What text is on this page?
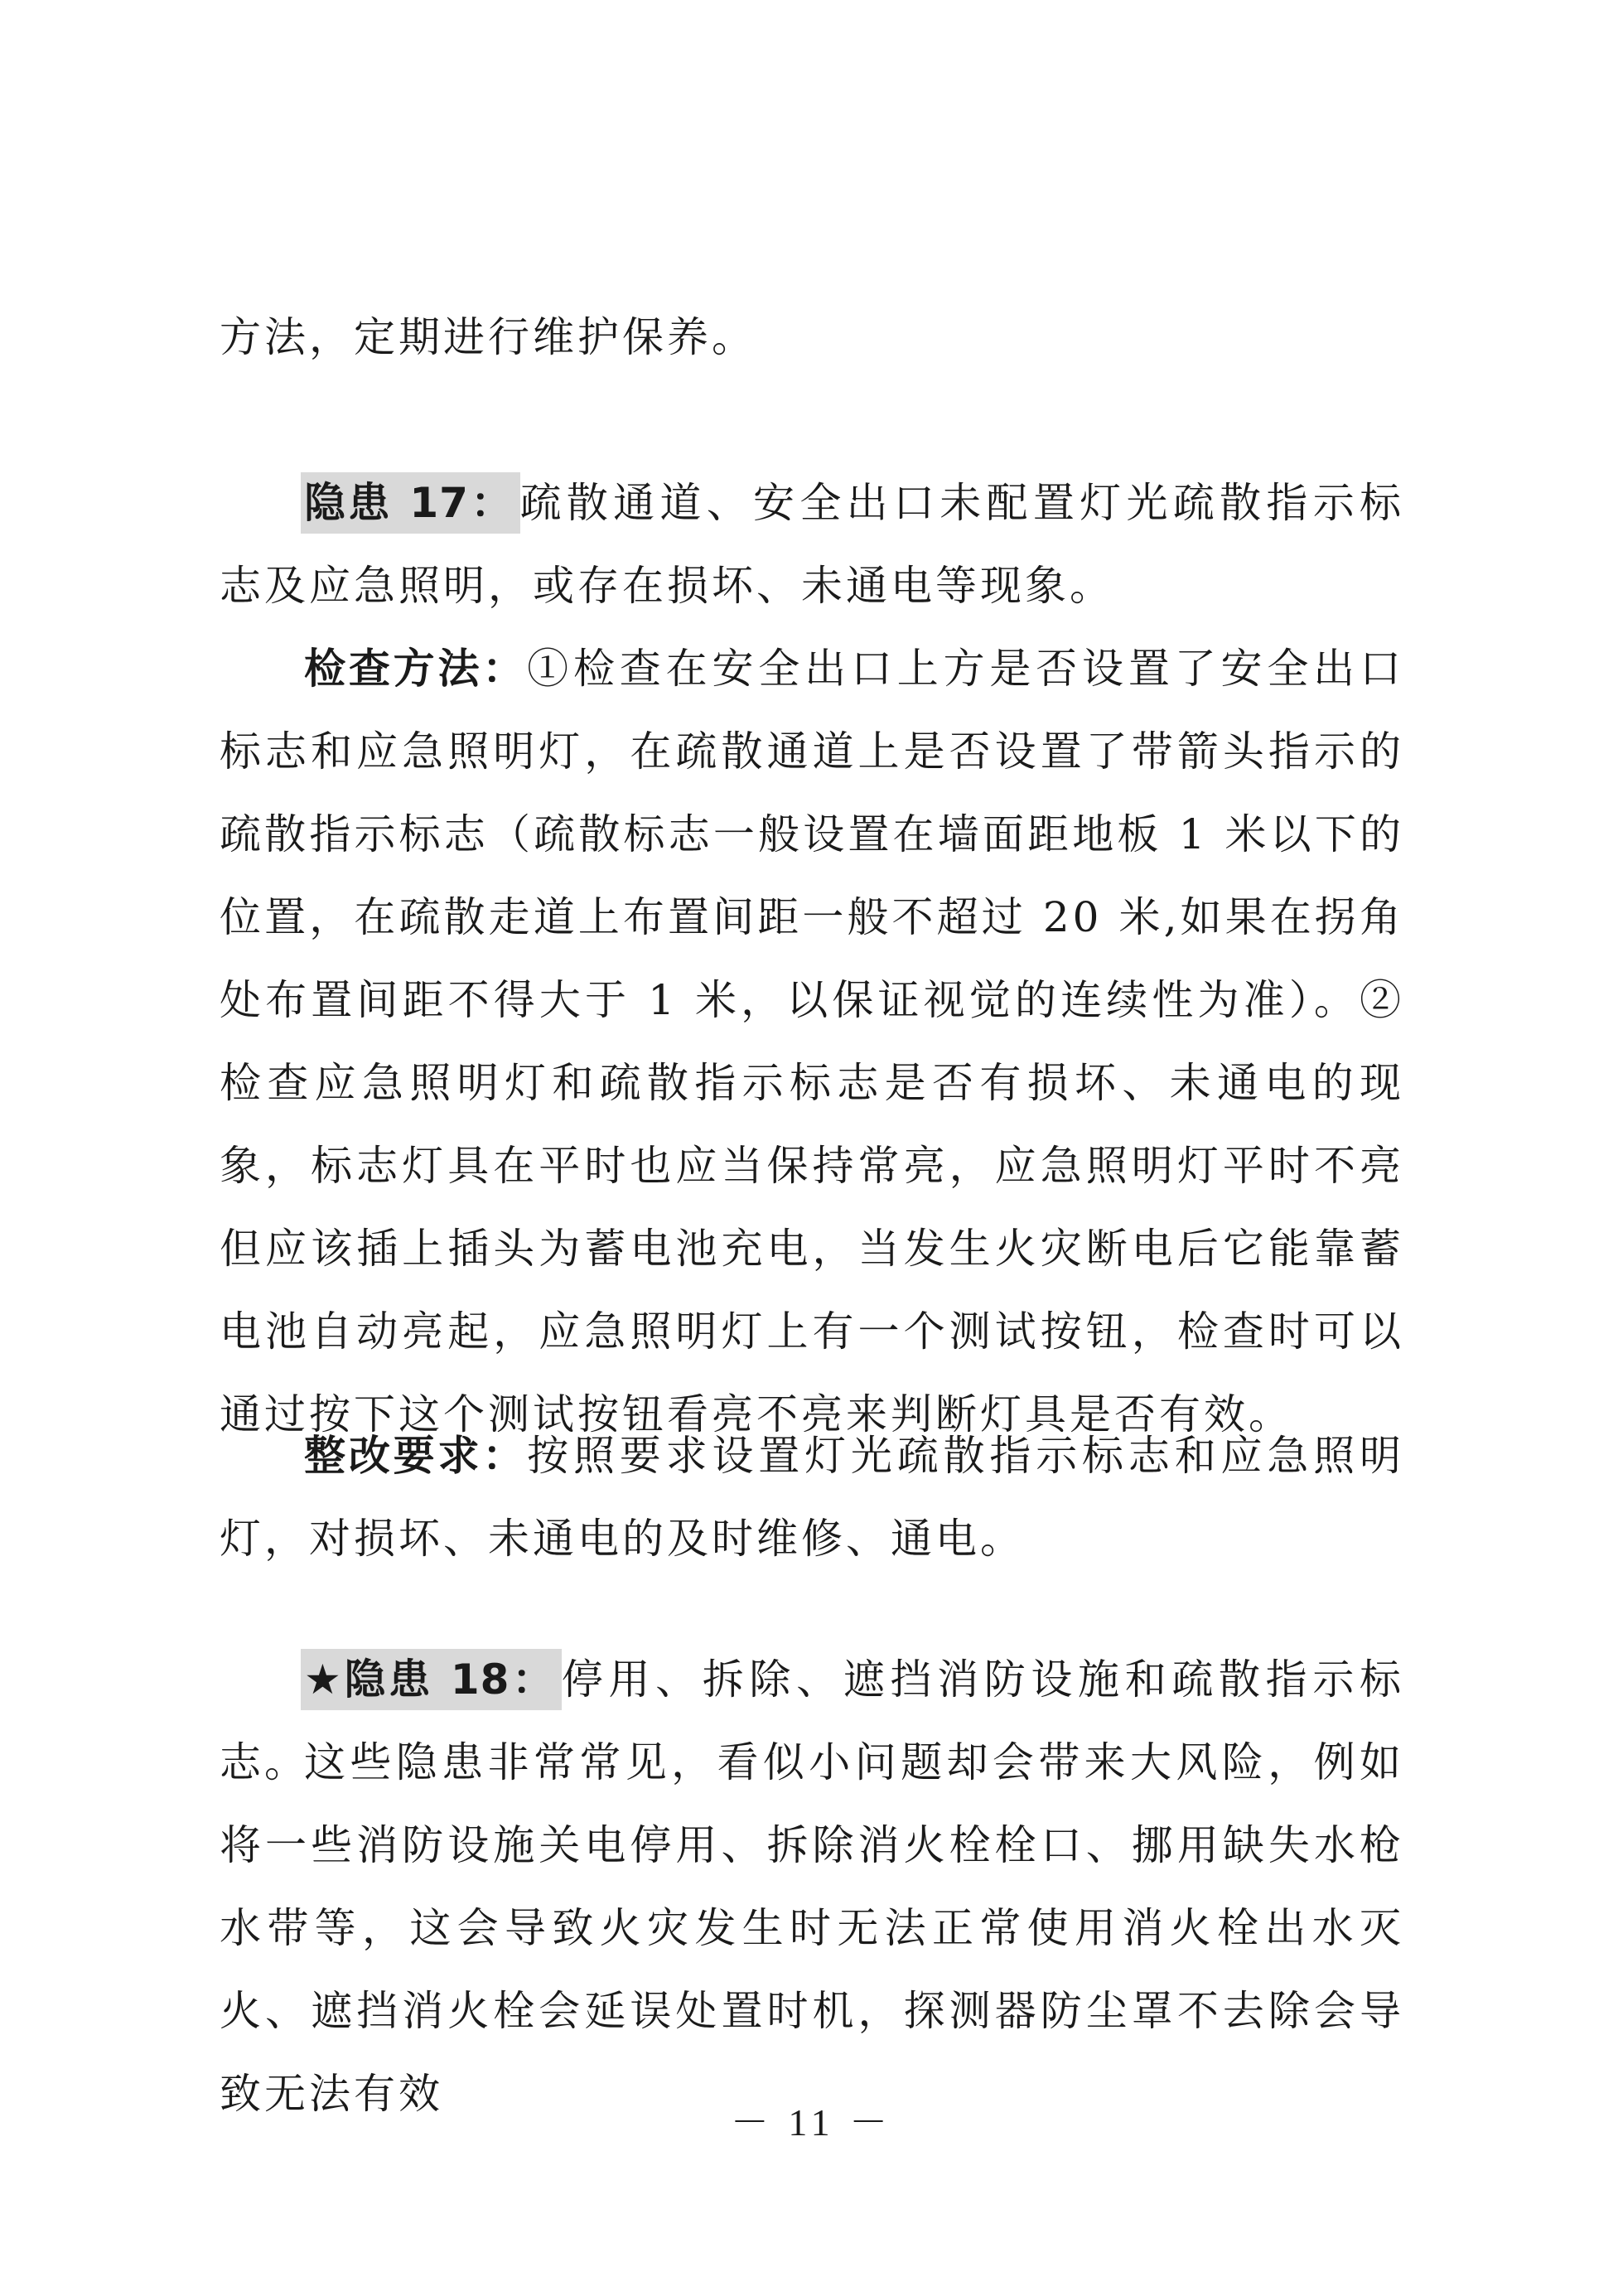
方法，定期进行维护保养。
隐患 17： 疏散通道、安全出口未配置灯光疏散指示标志及应急照明，或存在损坏、未通电等现象。
检查方法：①检查在安全出口上方是否设置了安全出口标志和应急照明灯，在疏散通道上是否设置了带箭头指示的疏散指示标志（疏散标志一般设置在墙面距地板 1 米以下的位置，在疏散走道上布置间距一般不超过 20 米,如果在拐角处布置间距不得大于 1 米，以保证视觉的连续性为准）。②检查应急照明灯和疏散指示标志是否有损坏、未通电的现象，标志灯具在平时也应当保持常亮，应急照明灯平时不亮但应该插上插头为蓄电池充电，当发生火灾断电后它能靠蓄电池自动亮起，应急照明灯上有一个测试按钮，检查时可以通过按下这个测试按钮看亮不亮来判断灯具是否有效。
整改要求：按照要求设置灯光疏散指示标志和应急照明灯，对损坏、未通电的及时维修、通电。
★隐患 18： 停用、拆除、遮挡消防设施和疏散指示标志。
这些隐患非常常见，看似小问题却会带来大风险，例如将一些消防设施关电停用、拆除消火栓栓口、挪用缺失水枪水带等，这会导致火灾发生时无法正常使用消火栓出水灭火、遮挡消火栓会延误处置时机，探测器防尘罩不去除会导致无法有效
－ 11 －
